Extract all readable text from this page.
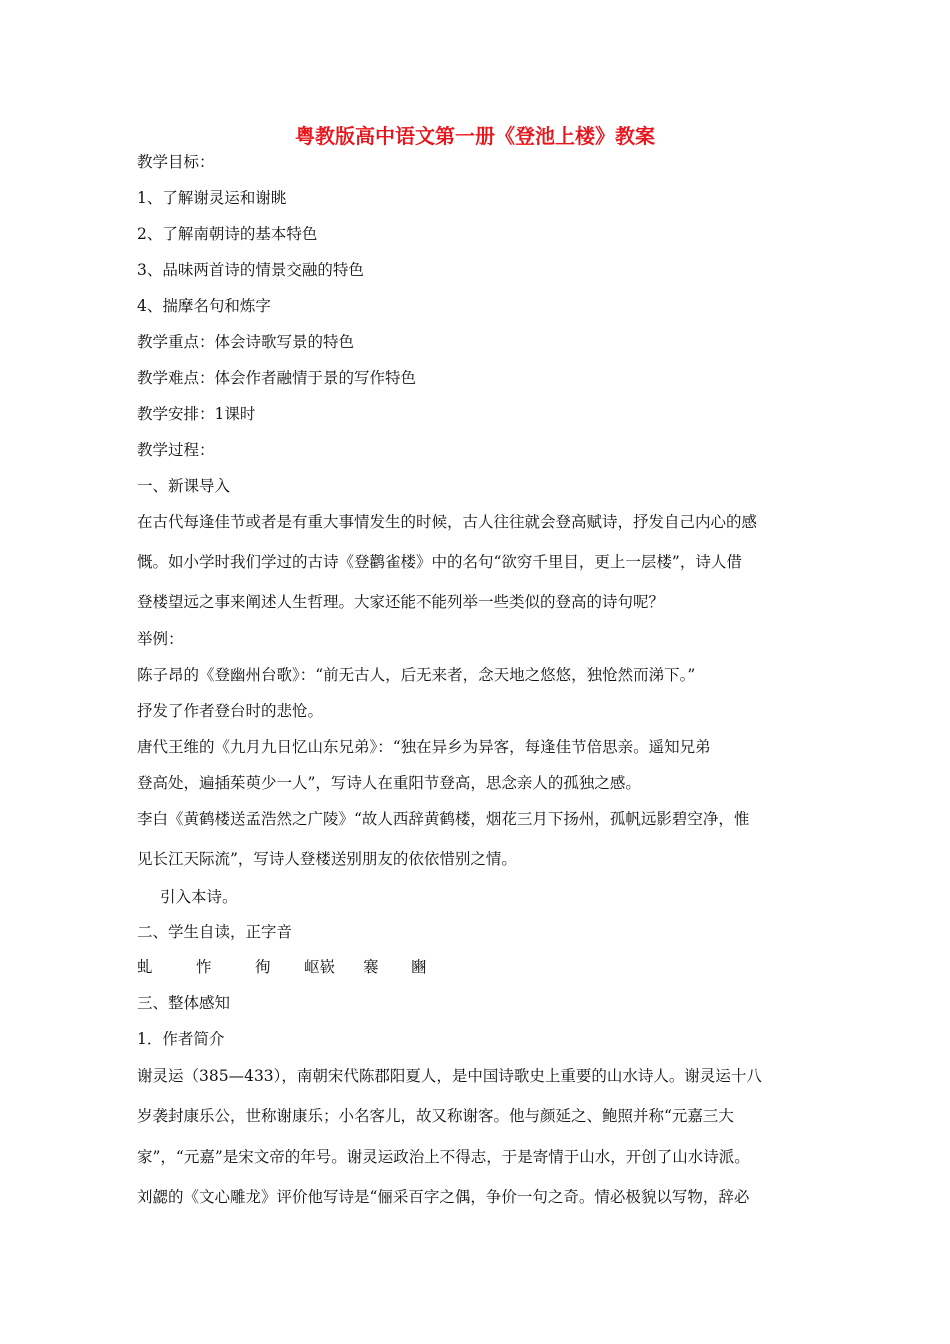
粤教版高中语文第一册《登池上楼》教案
教学目标：
1、了解谢灵运和谢眺
2、了解南朝诗的基本特色
3、品味两首诗的情景交融的特色
4、揣摩名句和炼字
教学重点：体会诗歌写景的特色
教学难点：体会作者融情于景的写作特色
教学安排：1课时
教学过程：
一、新课导入
在古代每逢佳节或者是有重大事情发生的时候，古人往往就会登高赋诗，抒发自己内心的感
慨。如小学时我们学过的古诗《登鹳雀楼》中的名句“欲穷千里目，更上一层楼”，诗人借
登楼望远之事来阐述人生哲理。大家还能不能列举一些类似的登高的诗句呢？
举例：
陈子昂的《登幽州台歌》：“前无古人，后无来者，念天地之悠悠，独怆然而涕下。”
抒发了作者登台时的悲怆。
唐代王维的《九月九日忆山东兄弟》：“独在异乡为异客，每逢佳节倍思亲。遥知兄弟
登高处，遍插茱萸少一人”，写诗人在重阳节登高，思念亲人的孤独之感。
李白《黄鹤楼送孟浩然之广陵》“故人西辞黄鹤楼，烟花三月下扬州，孤帆远影碧空净，惟
见长江天际流”，写诗人登楼送别朋友的依依惜别之情。
引入本诗。
二、学生自读，正字音
虬	怍	徇 岖嵚 褰 豳
三、整体感知
1．作者简介
谢灵运（385—433），南朝宋代陈郡阳夏人，是中国诗歌史上重要的山水诗人。谢灵运十八
岁袭封康乐公，世称谢康乐；小名客儿，故又称谢客。他与颜延之、鲍照并称“元嘉三大
家”，“元嘉”是宋文帝的年号。谢灵运政治上不得志，于是寄情于山水，开创了山水诗派。
刘勰的《文心雕龙》评价他写诗是“俪采百字之偶，争价一句之奇。情必极貌以写物，辞必
